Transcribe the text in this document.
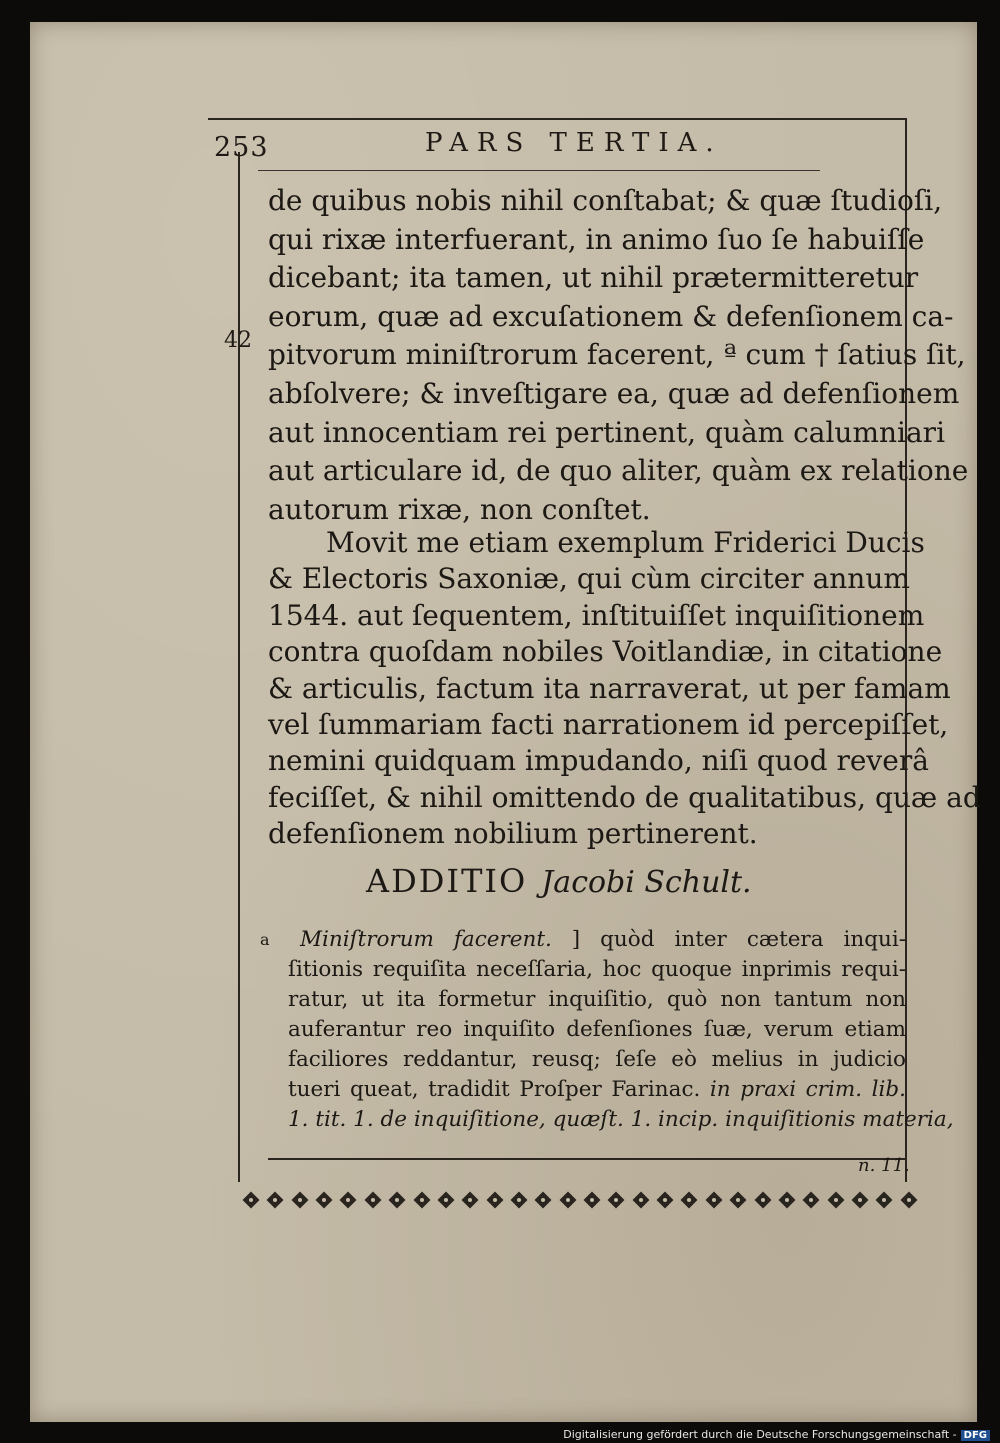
253	PARS TERTIA.
42
de quibus nobis nihil conſtabat; & quæ ſtudioſi,
qui rixæ interfuerant, in animo ſuo ſe habuiſſe
dicebant; ita tamen, ut nihil prætermitteretur
eorum, quæ ad excuſationem & defenſionem ca-
pitvorum miniſtrorum facerent, ª cum † ſatius ſit,
abſolvere; & inveſtigare ea, quæ ad defenſionem
aut innocentiam rei pertinent, quàm calumniari
aut articulare id, de quo aliter, quàm ex relatione
autorum rixæ, non conſtet.
Movit me etiam exemplum Friderici Ducis
& Electoris Saxoniæ, qui cùm circiter annum
1544. aut ſequentem, inſtituiſſet inquiſitionem
contra quoſdam nobiles Voitlandiæ, in citatione
& articulis, factum ita narraverat, ut per famam
vel ſummariam facti narrationem id percepiſſet,
nemini quidquam impudando, niſi quod reverâ
feciſſet, & nihil omittendo de qualitatibus, quæ ad
defenſionem nobilium pertinerent.
ADDITIO Jacobi Schult.
a	Miniſtrorum facerent. ] quòd inter cætera inqui-
ſitionis requiſita neceſſaria, hoc quoque inprimis requi-
ratur, ut ita formetur inquiſitio, quò non tantum non
auferantur reo inquiſito defenſiones ſuæ, verum etiam
faciliores reddantur, reusq; ſeſe eò melius in judicio
tueri queat, tradidit Proſper Farinac. in praxi crim. lib.
1. tit. 1. de inquiſitione, quæſt. 1. incip. inquiſitionis materia,
n. 11.
Digitalisierung gefördert durch die Deutsche Forschungsgemeinschaft - DFG
